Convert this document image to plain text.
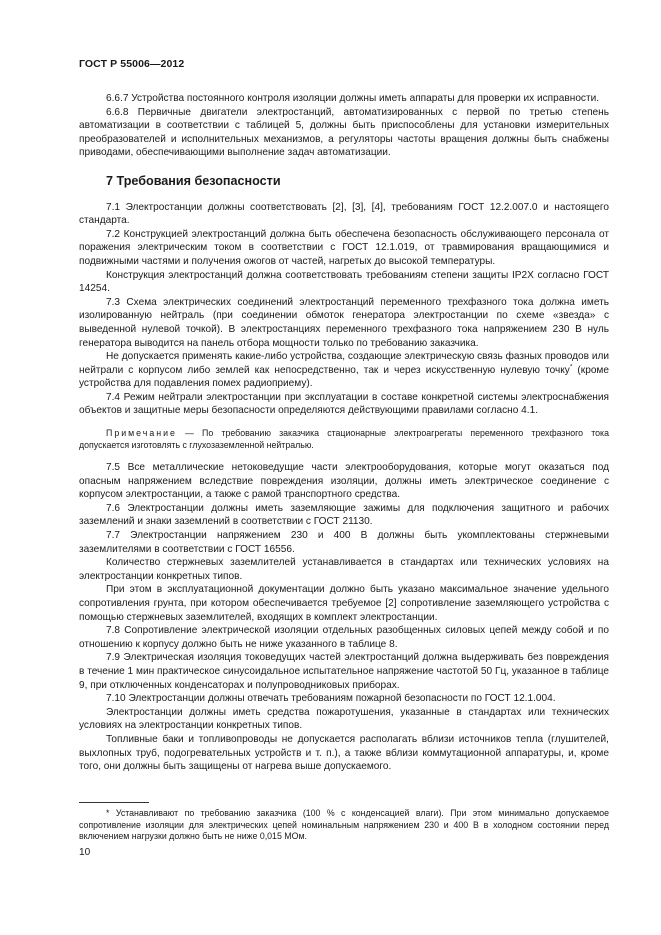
ГОСТ Р 55006—2012

6.6.7 Устройства постоянного контроля изоляции должны иметь аппараты для проверки их исправности.

6.6.8 Первичные двигатели электростанций, автоматизированных с первой по третью степень автоматизации в соответствии с таблицей 5, должны быть приспособлены для установки измерительных преобразователей и исполнительных механизмов, а регуляторы частоты вращения должны быть снабжены приводами, обеспечивающими выполнение задач автоматизации.

7 Требования безопасности

7.1 Электростанции должны соответствовать [2], [3], [4], требованиям ГОСТ 12.2.007.0 и настоящего стандарта.

7.2 Конструкцией электростанций должна быть обеспечена безопасность обслуживающего персонала от поражения электрическим током в соответствии с ГОСТ 12.1.019, от травмирования вращающимися и подвижными частями и получения ожогов от частей, нагретых до высокой температуры.

Конструкция электростанций должна соответствовать требованиям степени защиты IP2X согласно ГОСТ 14254.

7.3 Схема электрических соединений электростанций переменного трехфазного тока должна иметь изолированную нейтраль (при соединении обмоток генератора электростанции по схеме «звезда» с выведенной нулевой точкой). В электростанциях переменного трехфазного тока напряжением 230 В нуль генератора выводится на панель отбора мощности только по требованию заказчика.

Не допускается применять какие-либо устройства, создающие электрическую связь фазных проводов или нейтрали с корпусом либо землей как непосредственно, так и через искусственную нулевую точку* (кроме устройства для подавления помех радиоприему).

7.4 Режим нейтрали электростанции при эксплуатации в составе конкретной системы электроснабжения объектов и защитные меры безопасности определяются действующими правилами согласно 4.1.

Примечание — По требованию заказчика стационарные электроагрегаты переменного трехфазного тока допускается изготовлять с глухозаземленной нейтралью.

7.5 Все металлические нетоковедущие части электрооборудования, которые могут оказаться под опасным напряжением вследствие повреждения изоляции, должны иметь электрическое соединение с корпусом электростанции, а также с рамой транспортного средства.

7.6 Электростанции должны иметь заземляющие зажимы для подключения защитного и рабочих заземлений и знаки заземлений в соответствии с ГОСТ 21130.

7.7 Электростанции напряжением 230 и 400 В должны быть укомплектованы стержневыми заземлителями в соответствии с ГОСТ 16556.

Количество стержневых заземлителей устанавливается в стандартах или технических условиях на электростанции конкретных типов.

При этом в эксплуатационной документации должно быть указано максимальное значение удельного сопротивления грунта, при котором обеспечивается требуемое [2] сопротивление заземляющего устройства с помощью стержневых заземлителей, входящих в комплект электростанции.

7.8 Сопротивление электрической изоляции отдельных разобщенных силовых цепей между собой и по отношению к корпусу должно быть не ниже указанного в таблице 8.

7.9 Электрическая изоляция токоведущих частей электростанций должна выдерживать без повреждения в течение 1 мин практическое синусоидальное испытательное напряжение частотой 50 Гц, указанное в таблице 9, при отключенных конденсаторах и полупроводниковых приборах.

7.10 Электростанции должны отвечать требованиям пожарной безопасности по ГОСТ 12.1.004.

Электростанции должны иметь средства пожаротушения, указанные в стандартах или технических условиях на электростанции конкретных типов.

Топливные баки и топливопроводы не допускается располагать вблизи источников тепла (глушителей, выхлопных труб, подогревательных устройств и т. п.), а также вблизи коммутационной аппаратуры, и, кроме того, они должны быть защищены от нагрева выше допускаемого.

* Устанавливают по требованию заказчика (100 % с конденсацией влаги). При этом минимально допускаемое сопротивление изоляции для электрических цепей номинальным напряжением 230 и 400 В в холодном состоянии перед включением нагрузки должно быть не ниже 0,015 МОм.

10
